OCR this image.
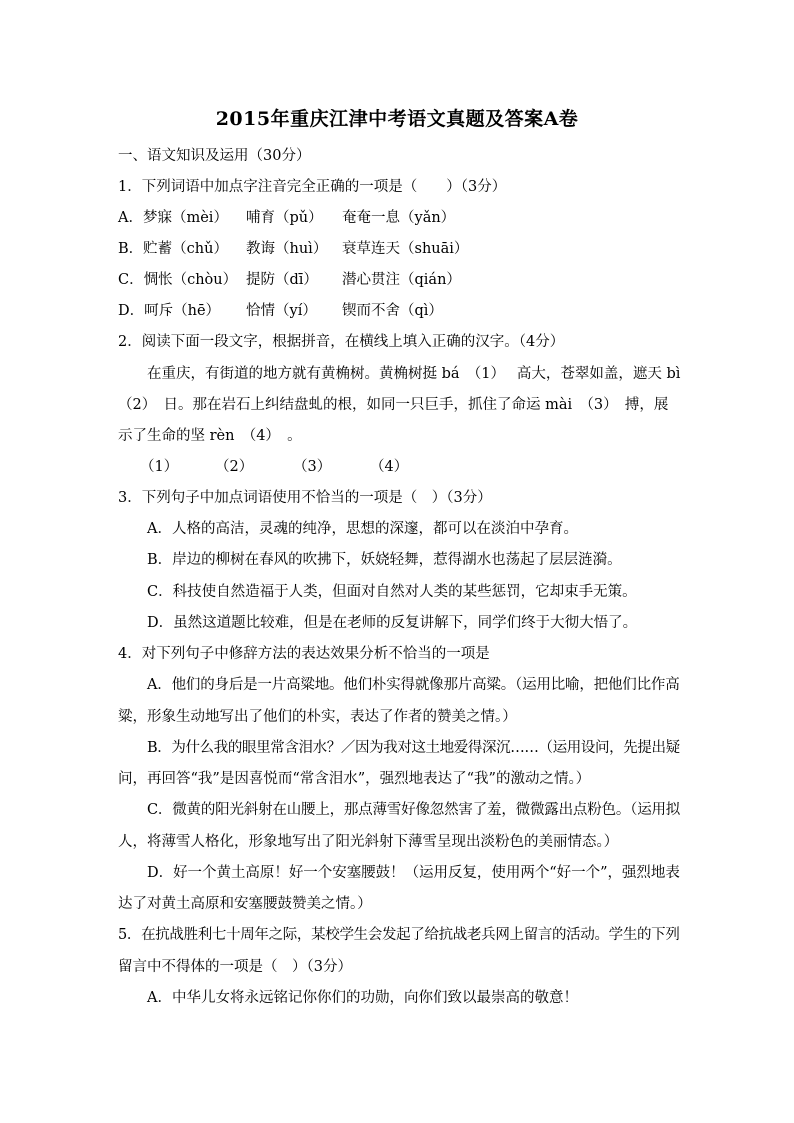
2015年重庆江津中考语文真题及答案A卷
一、语文知识及运用（30分）
1．下列词语中加点字注音完全正确的一项是（　　）（3分）
A．梦寐（mèi） 哺育（pǔ） 奄奄一息（yǎn）
B．贮蓄（chǔ） 教诲（huì） 衰草连天（shuāi）
C．惆怅（chòu） 提防（dī） 潜心贯注（qián）
D．呵斥（hē） 恰情（yí） 锲而不舍（qì）
2．阅读下面一段文字，根据拼音，在横线上填入正确的汉字。（4分）
在重庆，有街道的地方就有黄桷树。黄桷树挺 bá　（1）　 高大，苍翠如盖，遮天 bì
（2）　日。那在岩石上纠结盘虬的根，如同一只巨手，抓住了命运 mài　（3）　搏，展
示了生命的坚 rèn　（4）　。
（1）	（2）	（3）	（4）
3．下列句子中加点词语使用不恰当的一项是（　）（3分）
A．人格的高洁，灵魂的纯净，思想的深邃，都可以在淡泊中孕育。
B．岸边的柳树在春风的吹拂下，妖娆轻舞，惹得湖水也荡起了层层涟漪。
C．科技使自然造福于人类，但面对自然对人类的某些惩罚，它却束手无策。
D．虽然这道题比较难，但是在老师的反复讲解下，同学们终于大彻大悟了。
4．对下列句子中修辞方法的表达效果分析不恰当的一项是
A．他们的身后是一片高粱地。他们朴实得就像那片高粱。（运用比喻，把他们比作高
粱，形象生动地写出了他们的朴实，表达了作者的赞美之情。）
B．为什么我的眼里常含泪水？／因为我对这土地爱得深沉……（运用设问，先提出疑
问，再回答“我”是因喜悦而“常含泪水”，强烈地表达了“我”的激动之情。）
C．微黄的阳光斜射在山腰上，那点薄雪好像忽然害了羞，微微露出点粉色。（运用拟
人，将薄雪人格化，形象地写出了阳光斜射下薄雪呈现出淡粉色的美丽情态。）
D．好一个黄土高原！好一个安塞腰鼓！（运用反复，使用两个“好一个”，强烈地表
达了对黄土高原和安塞腰鼓赞美之情。）
5．在抗战胜利七十周年之际，某校学生会发起了给抗战老兵网上留言的活动。学生的下列
留言中不得体的一项是（　）（3分）
A．中华儿女将永远铭记你你们的功勋，向你们致以最崇高的敬意！
